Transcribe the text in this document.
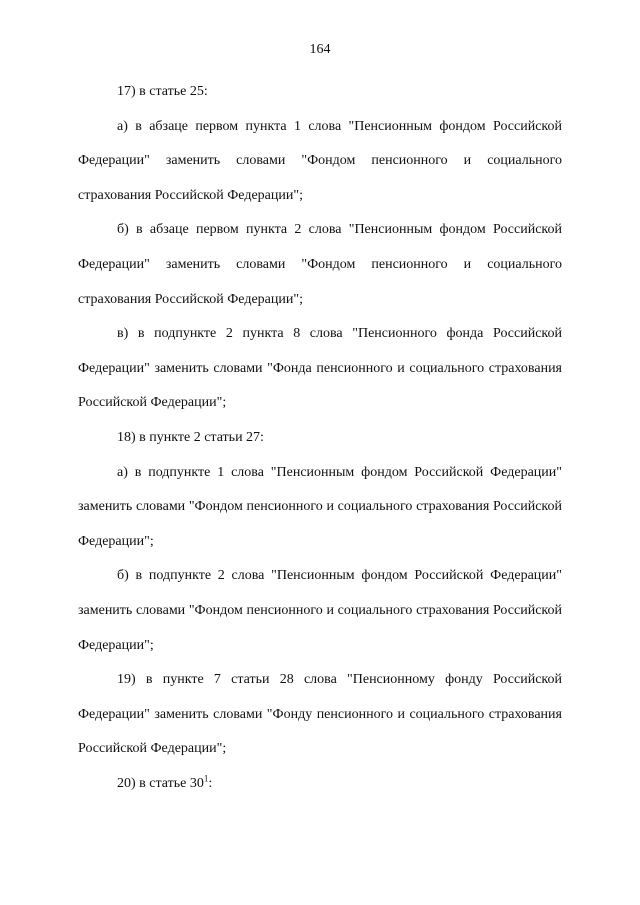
164

17) в статье 25:

а) в абзаце первом пункта 1 слова "Пенсионным фондом Российской Федерации" заменить словами "Фондом пенсионного и социального страхования Российской Федерации";

б) в абзаце первом пункта 2 слова "Пенсионным фондом Российской Федерации" заменить словами "Фондом пенсионного и социального страхования Российской Федерации";

в) в подпункте 2 пункта 8 слова "Пенсионного фонда Российской Федерации" заменить словами "Фонда пенсионного и социального страхования Российской Федерации";

18) в пункте 2 статьи 27:

а) в подпункте 1 слова "Пенсионным фондом Российской Федерации" заменить словами "Фондом пенсионного и социального страхования Российской Федерации";

б) в подпункте 2 слова "Пенсионным фондом Российской Федерации" заменить словами "Фондом пенсионного и социального страхования Российской Федерации";

19) в пункте 7 статьи 28 слова "Пенсионному фонду Российской Федерации" заменить словами "Фонду пенсионного и социального страхования Российской Федерации";

20) в статье $30^1$:
